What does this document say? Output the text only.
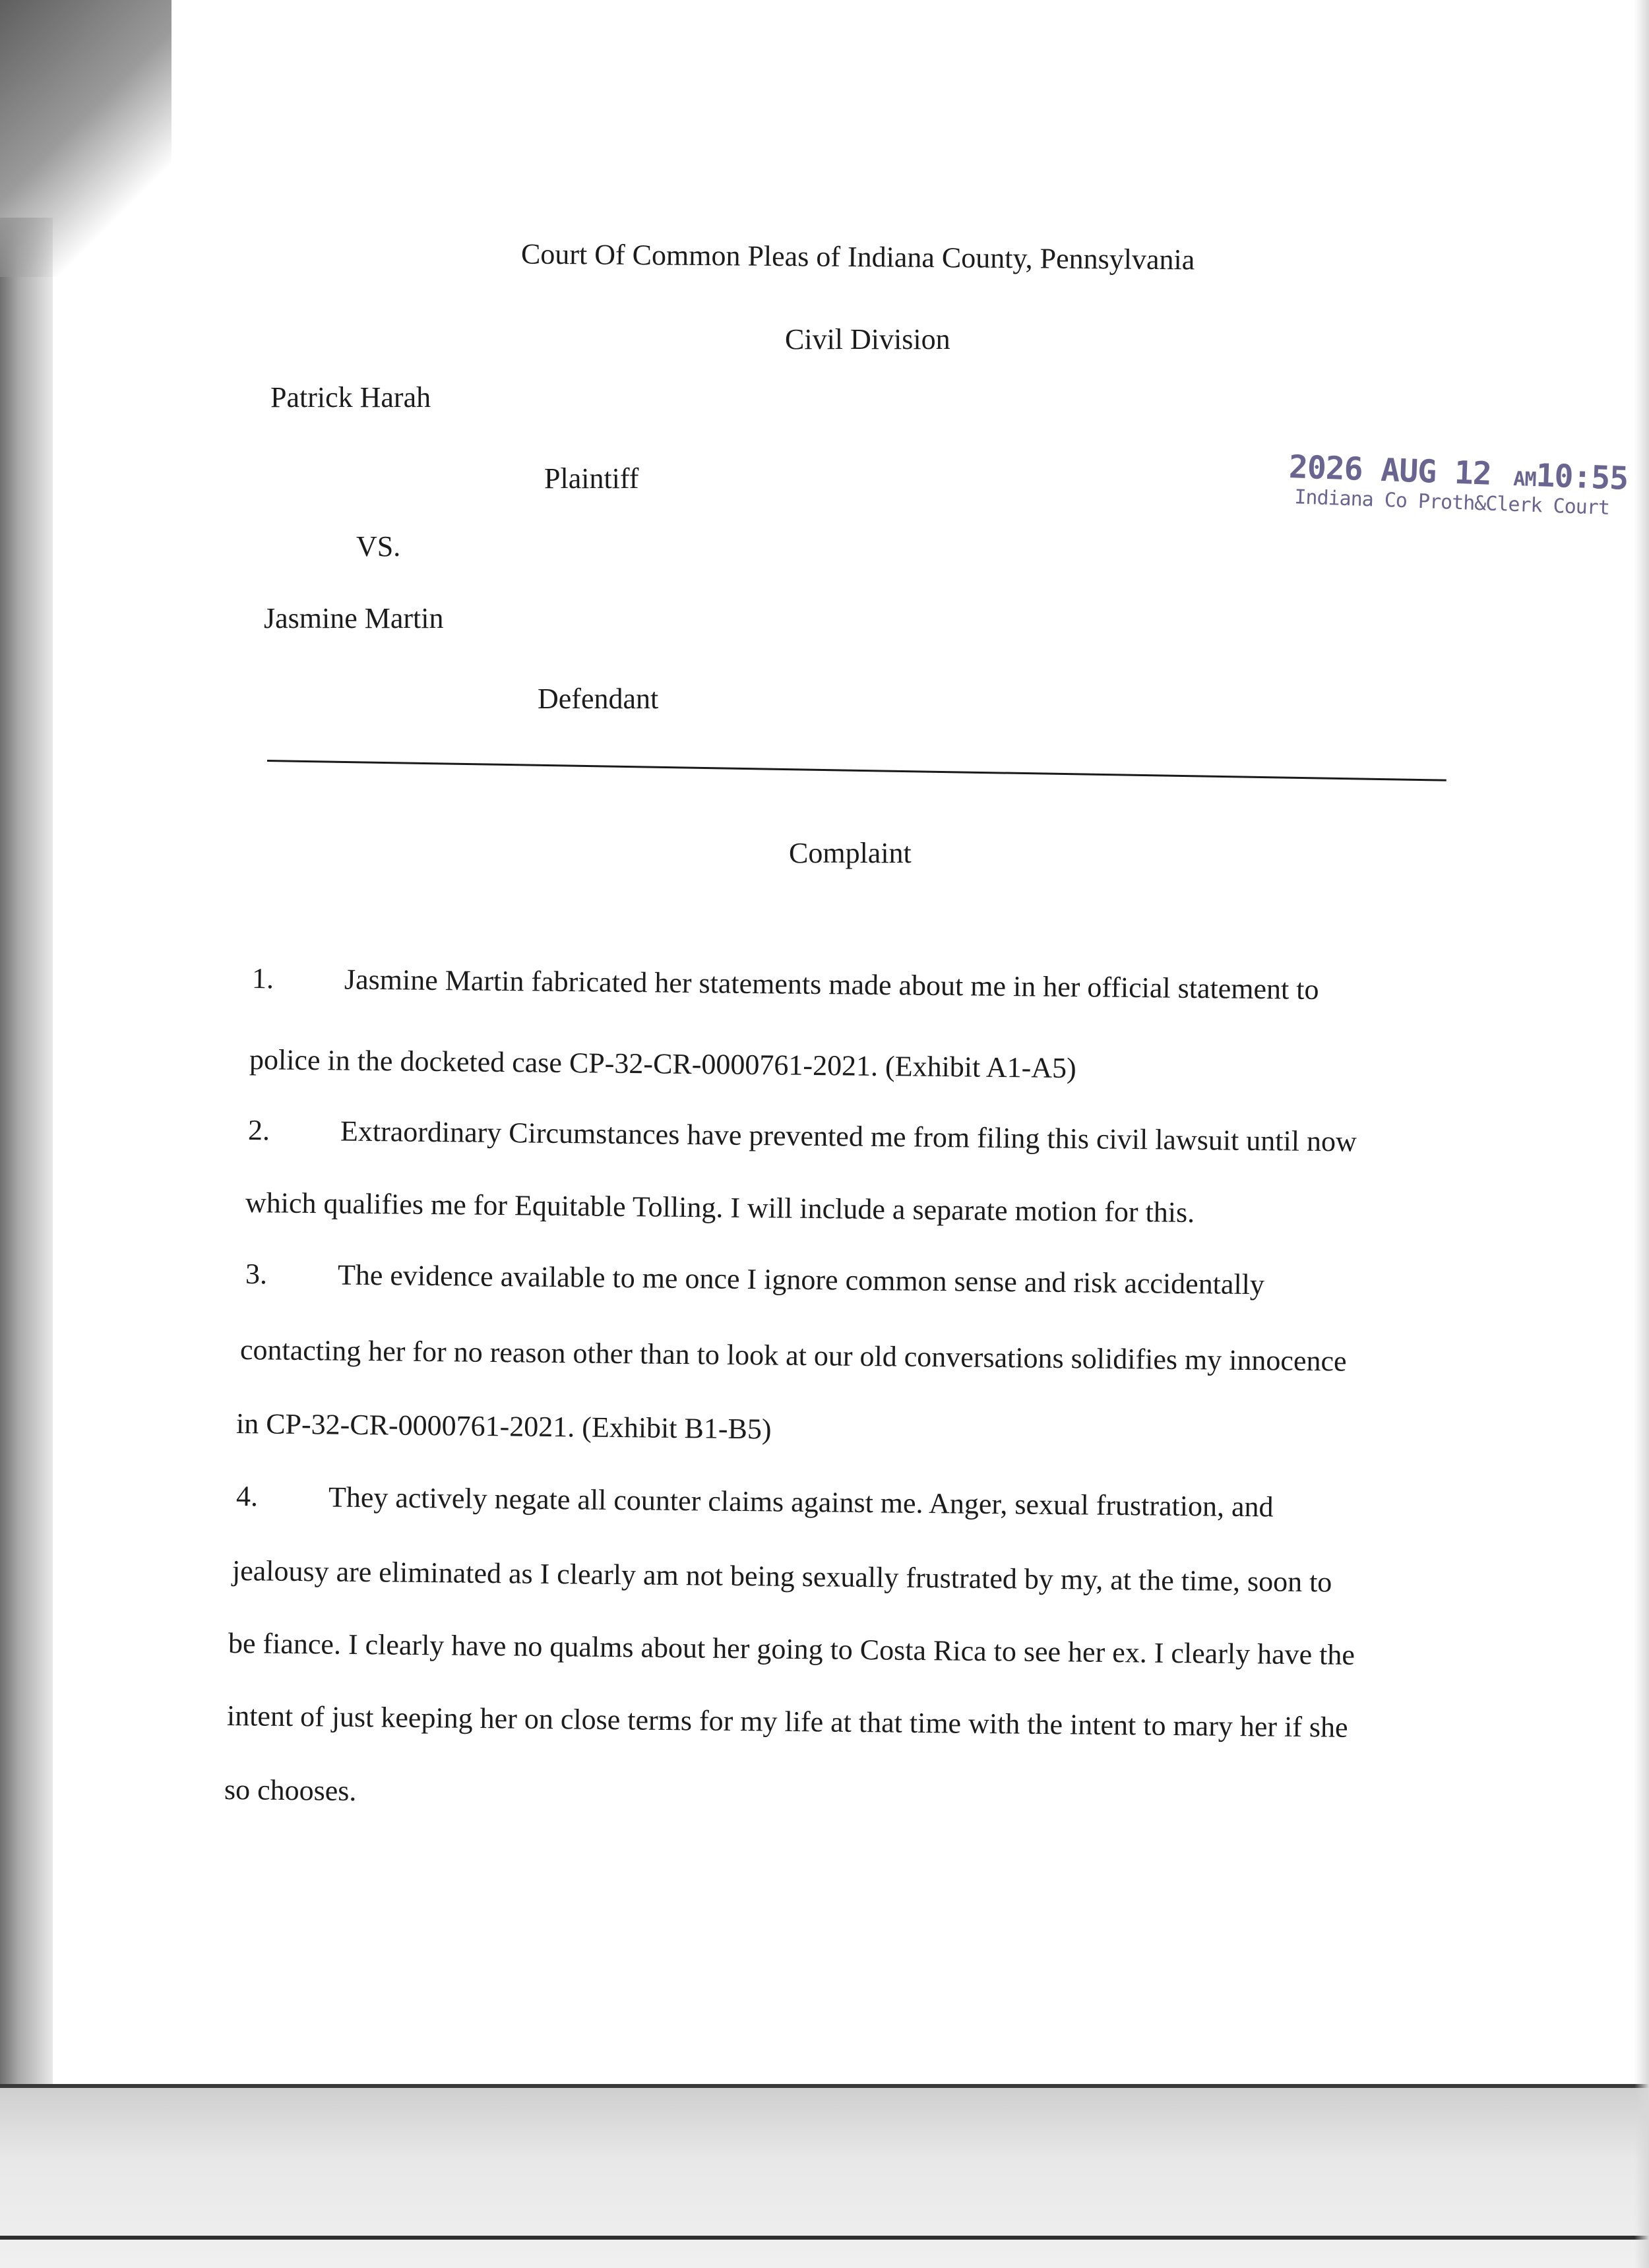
Court Of Common Pleas of Indiana County, Pennsylvania
Civil Division
Patrick Harah
Plaintiff
VS.
Jasmine Martin
Defendant
2026 AUG 12 AM10:55
Indiana Co Proth&Clerk Court
Complaint
1. Jasmine Martin fabricated her statements made about me in her official statement to
police in the docketed case CP-32-CR-0000761-2021. (Exhibit A1-A5)
2. Extraordinary Circumstances have prevented me from filing this civil lawsuit until now
which qualifies me for Equitable Tolling. I will include a separate motion for this.
3. The evidence available to me once I ignore common sense and risk accidentally
contacting her for no reason other than to look at our old conversations solidifies my innocence
in CP-32-CR-0000761-2021. (Exhibit B1-B5)
4. They actively negate all counter claims against me. Anger, sexual frustration, and
jealousy are eliminated as I clearly am not being sexually frustrated by my, at the time, soon to
be fiance. I clearly have no qualms about her going to Costa Rica to see her ex. I clearly have the
intent of just keeping her on close terms for my life at that time with the intent to mary her if she
so chooses.
